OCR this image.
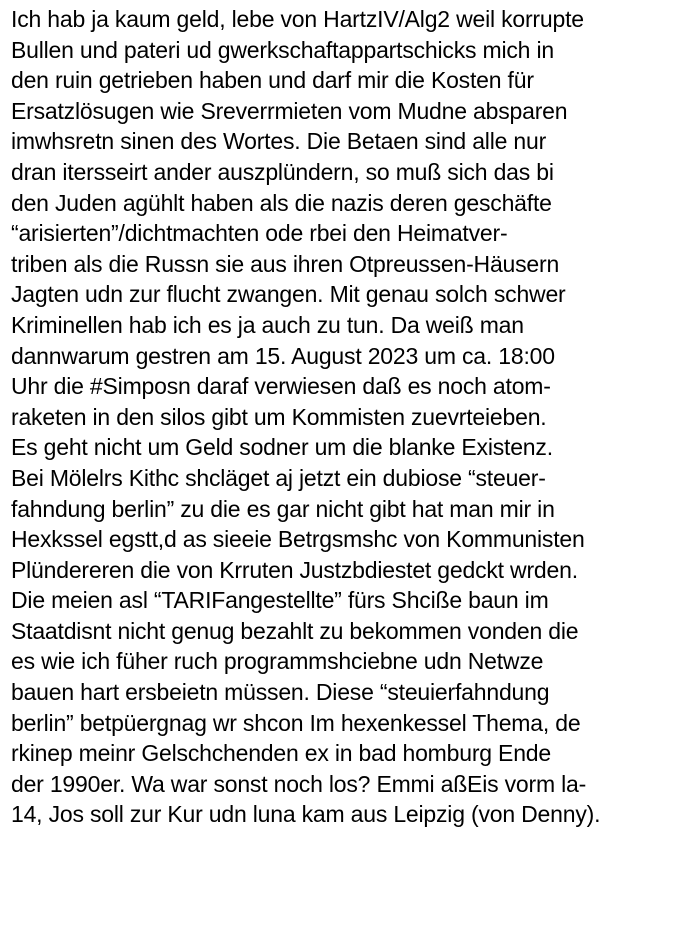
Ich hab ja kaum geld, lebe von HartzIV/Alg2 weil korrupte
Bullen und pateri ud gwerkschaftappartschicks mich in
den ruin getrieben haben und darf mir die Kosten für
Ersatzlösugen wie Sreverrmieten vom Mudne absparen
imwhsretn sinen des Wortes. Die Betaen sind alle nur
dran itersseirt ander auszplündern, so muß sich das bi
den Juden agühlt haben als die nazis deren geschäfte
“arisierten”/dichtmachten ode rbei den Heimatver-
triben als die Russn sie aus ihren Otpreussen-Häusern
Jagten udn zur flucht zwangen. Mit genau solch schwer
Kriminellen hab ich es ja auch zu tun. Da weiß man
dannwarum gestren am 15. August 2023 um ca. 18:00
Uhr die #Simposn daraf verwiesen daß es noch atom-
raketen in den silos gibt um Kommisten zuevrteieben.
Es geht nicht um Geld sodner um die blanke Existenz.
Bei Mölelrs Kithc shcläget aj jetzt ein dubiose “steuer-
fahndung berlin” zu die es gar nicht gibt hat man mir in
Hexkssel egstt,d as sieeie Betrgsmshc von Kommunisten
Plündereren die von Krruten Justzbdiestet gedckt wrden.
Die meien asl “TARIFangestellte” fürs Shciße baun im
Staatdisnt nicht genug bezahlt zu bekommen vonden die
es wie ich füher ruch programmshciebne udn Netwze
bauen hart ersbeietn müssen. Diese “steuierfahndung
berlin” betpüergnag wr shcon Im hexenkessel Thema, de
rkinep meinr Gelschchenden ex in bad homburg Ende
der 1990er. Wa war sonst noch los? Emmi aßEis vorm la-
14, Jos soll zur Kur udn luna kam aus Leipzig (von Denny).
